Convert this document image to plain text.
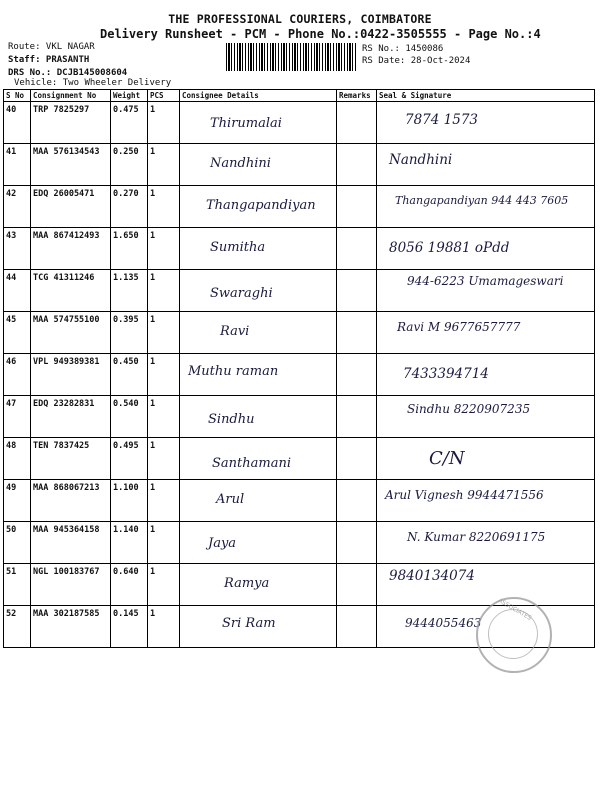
THE PROFESSIONAL COURIERS, COIMBATORE
Delivery Runsheet - PCM - Phone No.:0422-3505555 - Page No.:4
Route: VKL NAGAR
Staff: PRASANTH
DRS No.: DCJB145008604
Vehicle: Two Wheeler Delivery
RS No.: 1450086
RS Date: 28-Oct-2024
S No	Consignment No	Weight	PCS	Consignee Details	Remarks	Seal & Signature
40	TRP 7825297	0.475	1	Thirumalai		7874 1573

41	MAA 576134543	0.250	1	Nandhini		Nandhini

42	EDQ 26005471	0.270	1	Thangapandiyan		Thangapandiyan 944 443 7605

43	MAA 867412493	1.650	1	Sumitha		8056 19881 oPdd

44	TCG 41311246	1.135	1	Swaraghi		944-6223 Umamageswari

45	MAA 574755100	0.395	1	Ravi		Ravi M 9677657777

46	VPL 949389381	0.450	1	Muthu raman		7433394714

47	EDQ 23282831	0.540	1	Sindhu		Sindhu 8220907235

48	TEN 7837425	0.495	1	Santhamani		C/N

49	MAA 868067213	1.100	1	Arul		Arul Vignesh 9944471556

50	MAA 945364158	1.140	1	Jaya		N. Kumar 8220691175

51	NGL 100183767	0.640	1	Ramya		9840134074

52	MAA 302187585	0.145	1	Sri Ram		9444055463
ASSOCIATES
